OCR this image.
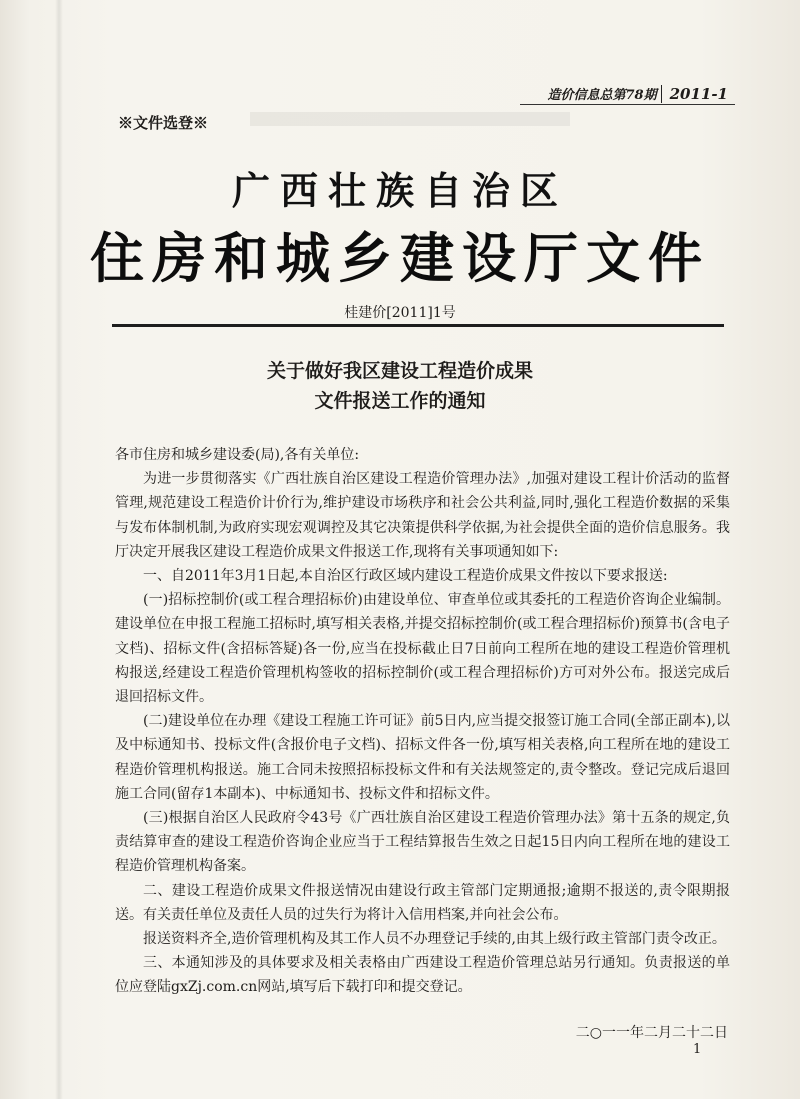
造价信息总第78期 2011-1
※文件选登※
广西壮族自治区
住房和城乡建设厅文件
桂建价[2011]1号
关于做好我区建设工程造价成果
文件报送工作的通知

各市住房和城乡建设委(局),各有关单位:

为进一步贯彻落实《广西壮族自治区建设工程造价管理办法》,加强对建设工程计价活动的监督管理,规范建设工程造价计价行为,维护建设市场秩序和社会公共利益,同时,强化工程造价数据的采集与发布体制机制,为政府实现宏观调控及其它决策提供科学依据,为社会提供全面的造价信息服务。我厅决定开展我区建设工程造价成果文件报送工作,现将有关事项通知如下:

一、自2011年3月1日起,本自治区行政区域内建设工程造价成果文件按以下要求报送:

(一)招标控制价(或工程合理招标价)由建设单位、审查单位或其委托的工程造价咨询企业编制。建设单位在申报工程施工招标时,填写相关表格,并提交招标控制价(或工程合理招标价)预算书(含电子文档)、招标文件(含招标答疑)各一份,应当在投标截止日7日前向工程所在地的建设工程造价管理机构报送,经建设工程造价管理机构签收的招标控制价(或工程合理招标价)方可对外公布。报送完成后退回招标文件。

(二)建设单位在办理《建设工程施工许可证》前5日内,应当提交报签订施工合同(全部正副本),以及中标通知书、投标文件(含报价电子文档)、招标文件各一份,填写相关表格,向工程所在地的建设工程造价管理机构报送。施工合同未按照招标投标文件和有关法规签定的,责令整改。登记完成后退回施工合同(留存1本副本)、中标通知书、投标文件和招标文件。

(三)根据自治区人民政府令43号《广西壮族自治区建设工程造价管理办法》第十五条的规定,负责结算审查的建设工程造价咨询企业应当于工程结算报告生效之日起15日内向工程所在地的建设工程造价管理机构备案。

二、建设工程造价成果文件报送情况由建设行政主管部门定期通报;逾期不报送的,责令限期报送。有关责任单位及责任人员的过失行为将计入信用档案,并向社会公布。

报送资料齐全,造价管理机构及其工作人员不办理登记手续的,由其上级行政主管部门责令改正。

三、本通知涉及的具体要求及相关表格由广西建设工程造价管理总站另行通知。负责报送的单位应登陆gxZj.com.cn网站,填写后下载打印和提交登记。

二○一一年二月二十二日
1
